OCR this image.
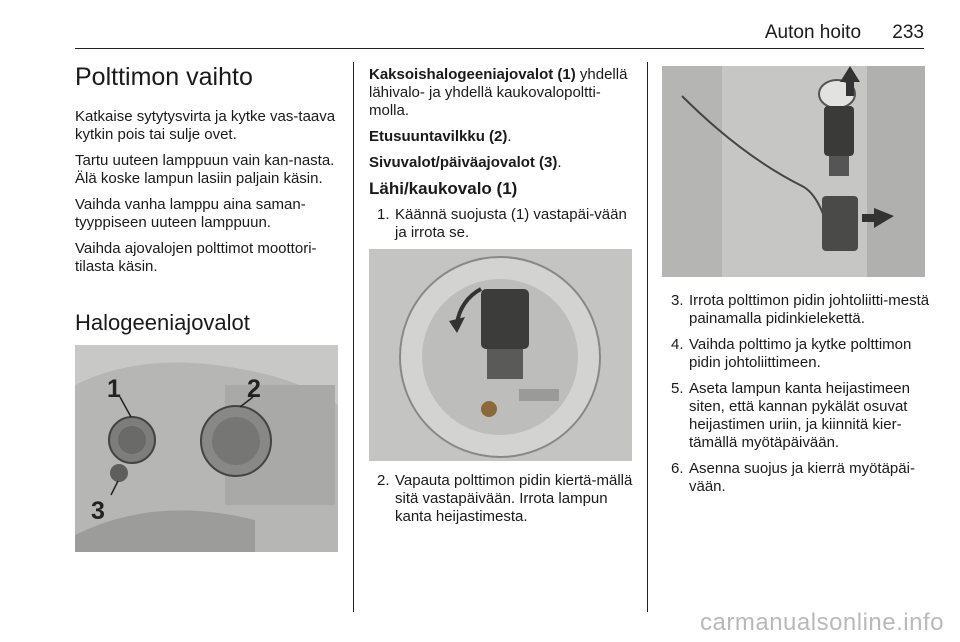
Auton hoito 233
Polttimon vaihto

Katkaise sytytysvirta ja kytke vas-taava kytkin pois tai sulje ovet.

Tartu uuteen lamppuun vain kan-nasta. Älä koske lampun lasiin paljain käsin.

Vaihda vanha lamppu aina saman-tyyppiseen uuteen lamppuun.

Vaihda ajovalojen polttimot moottori-tilasta käsin.

Halogeeniajovalot
1	2
3

Kaksoishalogeeniajovalot (1) yhdellä lähivalo- ja yhdellä kaukovalopoltti-molla.

Etusuuntavilkku (2).

Sivuvalot/päiväajovalot (3).

Lähi/kaukovalo (1)
1. Käännä suojusta (1) vastapäi-vään ja irrota se.
2. Vapauta polttimon pidin kiertä-mällä sitä vastapäivään. Irrota lampun kanta heijastimesta.
3. Irrota polttimon pidin johtoliitti-mestä painamalla pidinkielekettä.
4. Vaihda polttimo ja kytke polttimon pidin johtoliittimeen.
5. Aseta lampun kanta heijastimeen siten, että kannan pykälät osuvat heijastimen uriin, ja kiinnitä kier-tämällä myötäpäivään.
6. Asenna suojus ja kierrä myötäpäi-vään.
carmanualsonline.info
